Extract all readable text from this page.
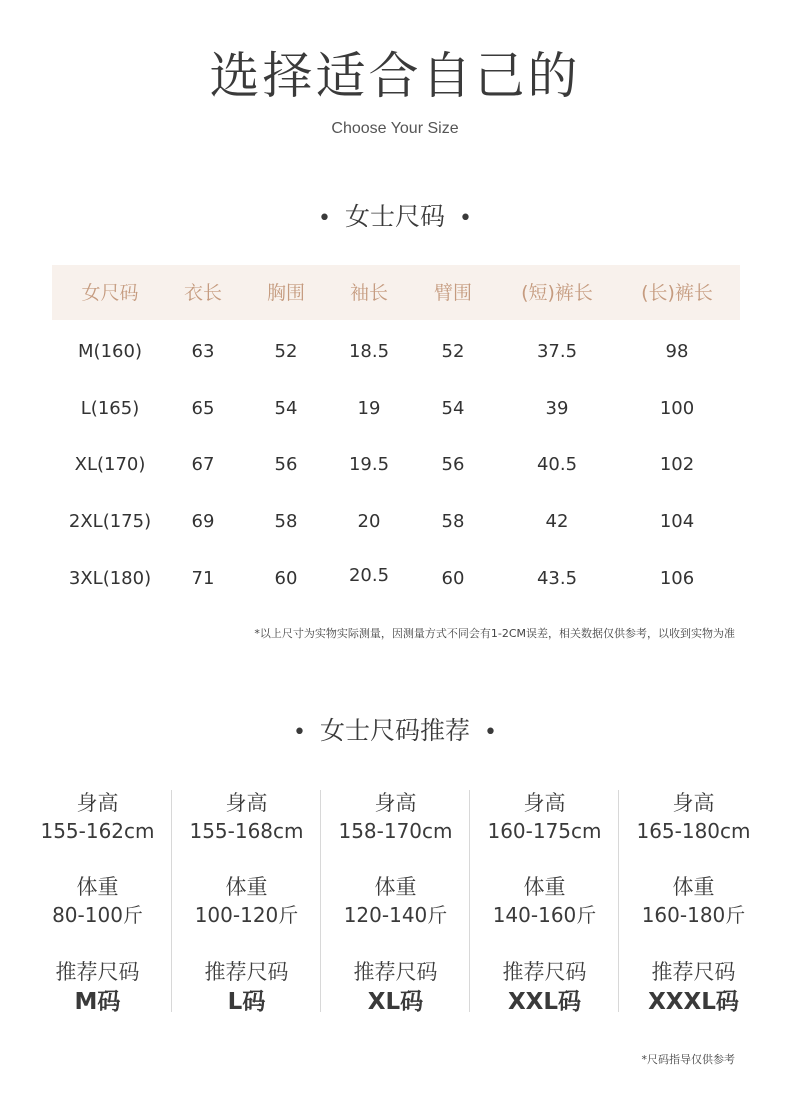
选择适合自己的
Choose Your Size
• 女士尺码 •
女尺码	衣长	胸围	袖长	臂围	(短)裤长	(长)裤长
M(160)	63	52	18.5	52	37.5	98
L(165)	65	54	19	54	39	100
XL(170)	67	56	19.5	56	40.5	102
2XL(175)	69	58	20	58	42	104
3XL(180)	71	60	20.5	60	43.5	106
*以上尺寸为实物实际测量，因测量方式不同会有1-2CM误差，相关数据仅供参考，以收到实物为准
• 女士尺码推荐 •
身高
155-162cm
体重
80-100斤
推荐尺码
M码
身高
155-168cm
体重
100-120斤
推荐尺码
L码
身高
158-170cm
体重
120-140斤
推荐尺码
XL码
身高
160-175cm
体重
140-160斤
推荐尺码
XXL码
身高
165-180cm
体重
160-180斤
推荐尺码
XXXL码
*尺码指导仅供参考
